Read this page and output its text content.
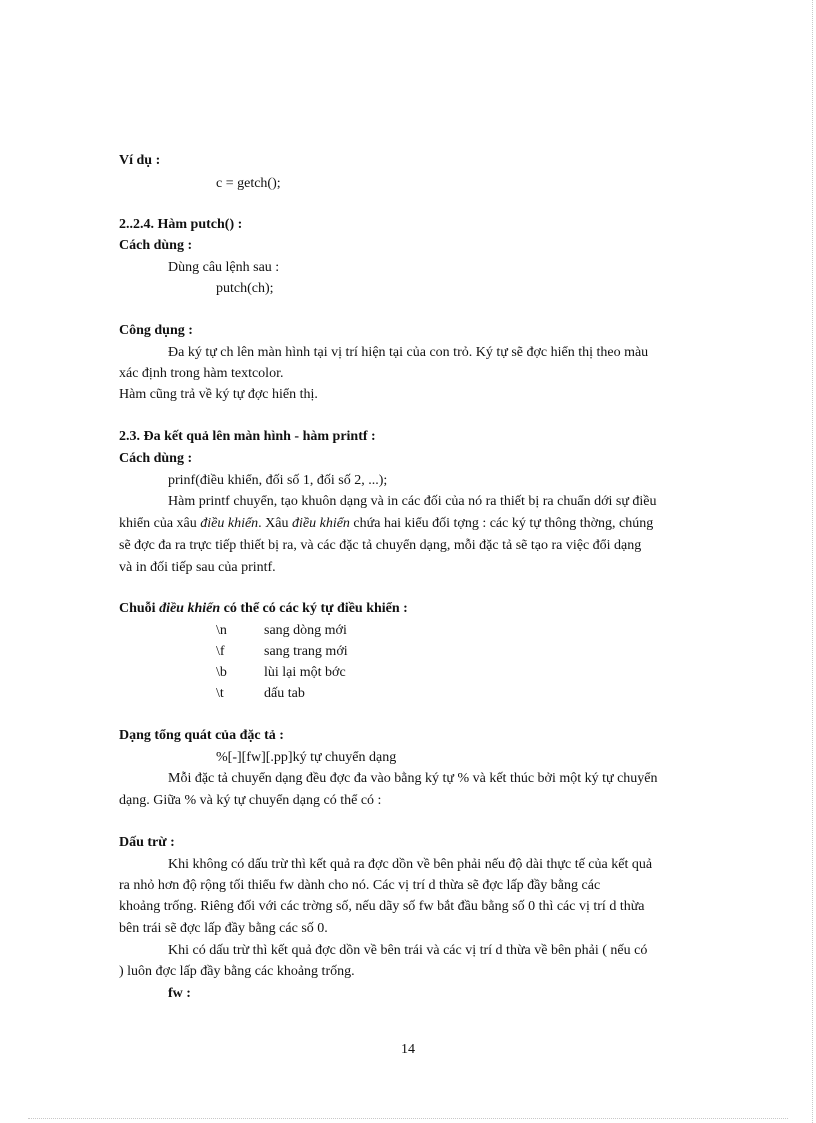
Ví dụ :
c = getch();
2..2.4. Hàm putch() :
Cách dùng :
Dùng câu lệnh sau :
putch(ch);
Công dụng :
Đa ký tự ch lên màn hình tại vị trí hiện tại của con trỏ. Ký tự sẽ đợc hiển thị theo màu
xác định trong hàm textcolor.
Hàm cũng trả về ký tự đợc hiển thị.
2.3. Đa kết quả lên màn hình - hàm printf :
Cách dùng :
prinf(điều khiển, đối số 1, đối số 2, ...);
Hàm printf chuyển, tạo khuôn dạng và in các đối của nó ra thiết bị ra chuẩn dới sự điều
khiển của xâu điều khiển. Xâu điều khiển chứa hai kiểu đối tợng : các ký tự thông thờng, chúng
sẽ đợc đa ra trực tiếp thiết bị ra, và các đặc tả chuyển dạng, mỗi đặc tả sẽ tạo ra việc đổi dạng
và in đối tiếp sau của printf.
Chuỗi điều khiển có thể có các ký tự điều khiển :
\n	sang dòng mới
\f	sang trang mới
\b	lùi lại một bớc
\t	dấu tab
Dạng tổng quát của đặc tả :
%[-][fw][.pp]ký tự chuyển dạng
Mỗi đặc tả chuyển dạng đều đợc đa vào bằng ký tự % và kết thúc bởi một ký tự chuyển
dạng. Giữa % và ký tự chuyển dạng có thể có :
Dấu trừ :
Khi không có dấu trừ thì kết quả ra đợc dồn về bên phải nếu độ dài thực tế của kết quả
ra nhỏ hơn độ rộng tối thiểu fw dành cho nó. Các vị trí d thừa sẽ đợc lấp đầy bằng các
khoảng trống. Riêng đối với các trờng số, nếu dãy số fw bắt đầu bằng số 0 thì các vị trí d thừa
bên trái sẽ đợc lấp đầy bằng các số 0.
Khi có dấu trừ thì kết quả đợc dồn về bên trái và các vị trí d thừa về bên phải ( nếu có
) luôn đợc lấp đầy bằng các khoảng trống.
fw :
14
